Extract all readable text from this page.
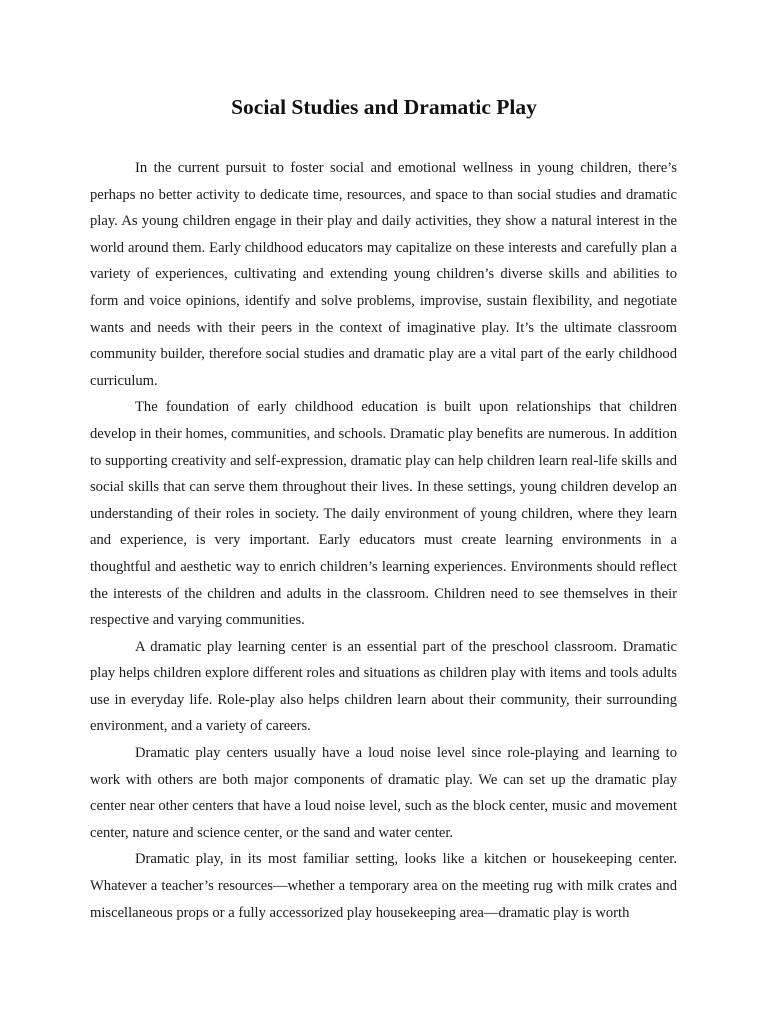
Social Studies and Dramatic Play

In the current pursuit to foster social and emotional wellness in young children, there’s perhaps no better activity to dedicate time, resources, and space to than social studies and dramatic play. As young children engage in their play and daily activities, they show a natural interest in the world around them. Early childhood educators may capitalize on these interests and carefully plan a variety of experiences, cultivating and extending young children’s diverse skills and abilities to form and voice opinions, identify and solve problems, improvise, sustain flexibility, and negotiate wants and needs with their peers in the context of imaginative play. It’s the ultimate classroom community builder, therefore social studies and dramatic play are a vital part of the early childhood curriculum.

The foundation of early childhood education is built upon relationships that children develop in their homes, communities, and schools. Dramatic play benefits are numerous. In addition to supporting creativity and self-expression, dramatic play can help children learn real-life skills and social skills that can serve them throughout their lives. In these settings, young children develop an understanding of their roles in society. The daily environment of young children, where they learn and experience, is very important. Early educators must create learning environments in a thoughtful and aesthetic way to enrich children’s learning experiences. Environments should reflect the interests of the children and adults in the classroom. Children need to see themselves in their respective and varying communities.

A dramatic play learning center is an essential part of the preschool classroom. Dramatic play helps children explore different roles and situations as children play with items and tools adults use in everyday life. Role-play also helps children learn about their community, their surrounding environment, and a variety of careers.

Dramatic play centers usually have a loud noise level since role-playing and learning to work with others are both major components of dramatic play. We can set up the dramatic play center near other centers that have a loud noise level, such as the block center, music and movement center, nature and science center, or the sand and water center.

Dramatic play, in its most familiar setting, looks like a kitchen or housekeeping center. Whatever a teacher’s resources—whether a temporary area on the meeting rug with milk crates and miscellaneous props or a fully accessorized play housekeeping area—dramatic play is worth
